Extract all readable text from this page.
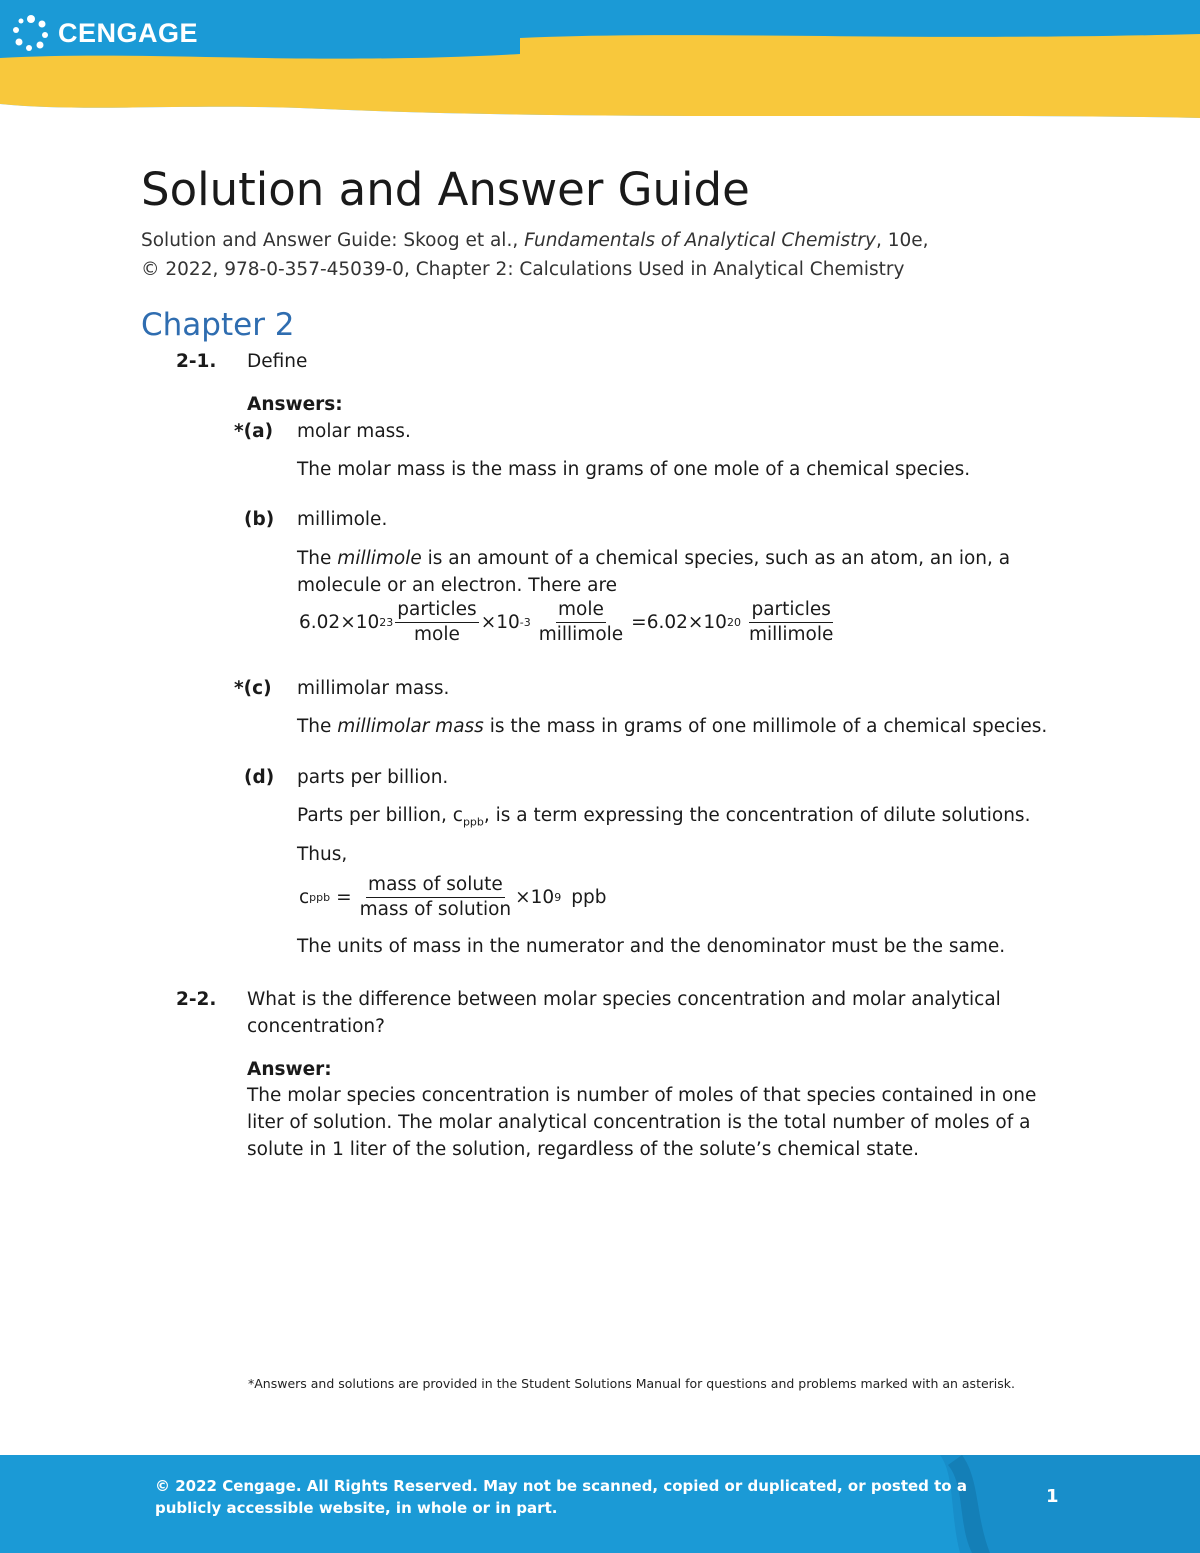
CENGAGE
Solution and Answer Guide
Solution and Answer Guide: Skoog et al., Fundamentals of Analytical Chemistry, 10e,
© 2022, 978-0-357-45039-0, Chapter 2: Calculations Used in Analytical Chemistry
Chapter 2
2-1. Define
Answers:
*(a) molar mass.
The molar mass is the mass in grams of one mole of a chemical species.
(b) millimole.
The millimole is an amount of a chemical species, such as an atom, an ion, a
molecule or an electron. There are
6.02 × 10 $23 \frac{\text{particles}}{\text{mole}} \times 10$ $-3 \frac{\text{mole}}{\text{millimole}} = 6.02 \times 10$ $20 \frac{\text{particles}}{\text{millimole}}$
*(c) millimolar mass.
The millimolar mass is the mass in grams of one millimole of a chemical species.
(d) parts per billion.
Parts per billion, $c_{ppb}$, is a term expressing the concentration of dilute solutions.
Thus,
c ppb = $\frac{\text{mass of solute}}{\text{mass of solution}} \times 10$ 9 ppb
The units of mass in the numerator and the denominator must be the same.
2-2. What is the difference between molar species concentration and molar analytical
concentration?
Answer:
The molar species concentration is number of moles of that species contained in one
liter of solution. The molar analytical concentration is the total number of moles of a
solute in 1 liter of the solution, regardless of the solute’s chemical state.
*Answers and solutions are provided in the Student Solutions Manual for questions and problems marked with an asterisk.
© 2022 Cengage. All Rights Reserved. May not be scanned, copied or duplicated, or posted to a
publicly accessible website, in whole or in part.
1
